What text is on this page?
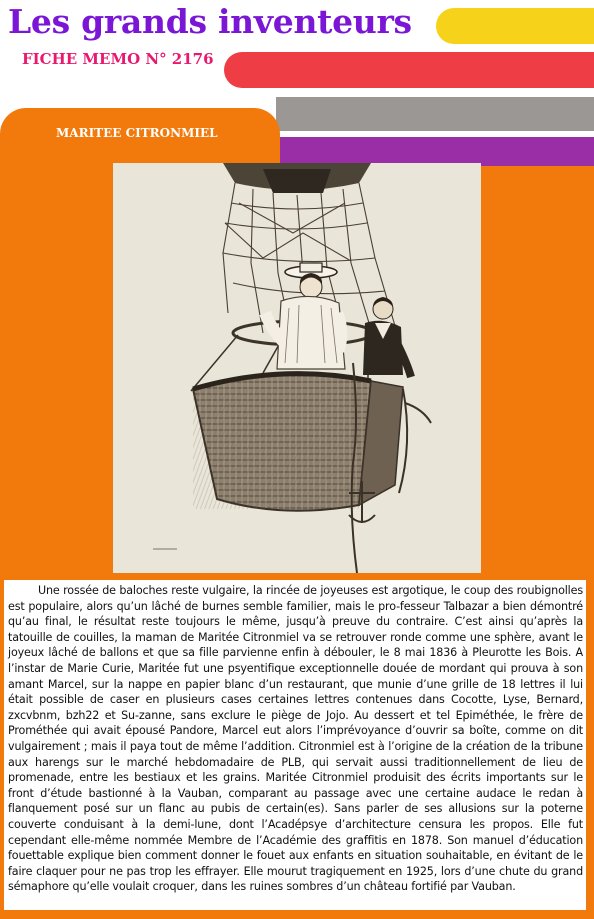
Les grands inventeurs
FICHE MEMO N° 2176
MARITEE CITRONMIEL

Une rossée de baloches reste vulgaire, la rincée de joyeuses est argotique, le coup des roubignolles est populaire, alors qu’un lâché de burnes semble familier, mais le pro-fesseur Talbazar a bien démontré qu’au final, le résultat reste toujours le même, jusqu’à preuve du contraire. C’est ainsi qu’après la tatouille de couilles, la maman de Maritée Citronmiel va se retrouver ronde comme une sphère, avant le joyeux lâché de ballons et que sa fille parvienne enfin à débouler, le 8 mai 1836 à Pleurotte les Bois. A l’instar de Marie Curie, Maritée fut une psyentifique exceptionnelle douée de mordant qui prouva à son amant Marcel, sur la nappe en papier blanc d’un restaurant, que munie d’une grille de 18 lettres il lui était possible de caser en plusieurs cases certaines lettres contenues dans Cocotte, Lyse, Bernard, zxcvbnm, bzh22 et Su-zanne, sans exclure le piège de Jojo. Au dessert et tel Epiméthée, le frère de Prométhée qui avait épousé Pandore, Marcel eut alors l’imprévoyance d’ouvrir sa boîte, comme on dit vulgairement ; mais il paya tout de même l’addition. Citronmiel est à l’origine de la création de la tribune aux harengs sur le marché hebdomadaire de PLB, qui servait aussi traditionnellement de lieu de promenade, entre les bestiaux et les grains. Maritée Citronmiel produisit des écrits importants sur le front d’étude bastionné à la Vauban, comparant au passage avec une certaine audace le redan à flanquement posé sur un flanc au pubis de certain(es). Sans parler de ses allusions sur la poterne couverte conduisant à la demi-lune, dont l’Acadépsye d’architecture censura les propos. Elle fut cependant elle-même nommée Membre de l’Académie des graffitis en 1878. Son manuel d’éducation fouettable explique bien comment donner le fouet aux enfants en situation souhaitable, en évitant de le faire claquer pour ne pas trop les effrayer. Elle mourut tragiquement en 1925, lors d’une chute du grand sémaphore qu’elle voulait croquer, dans les ruines sombres d’un château fortifié par Vauban.
